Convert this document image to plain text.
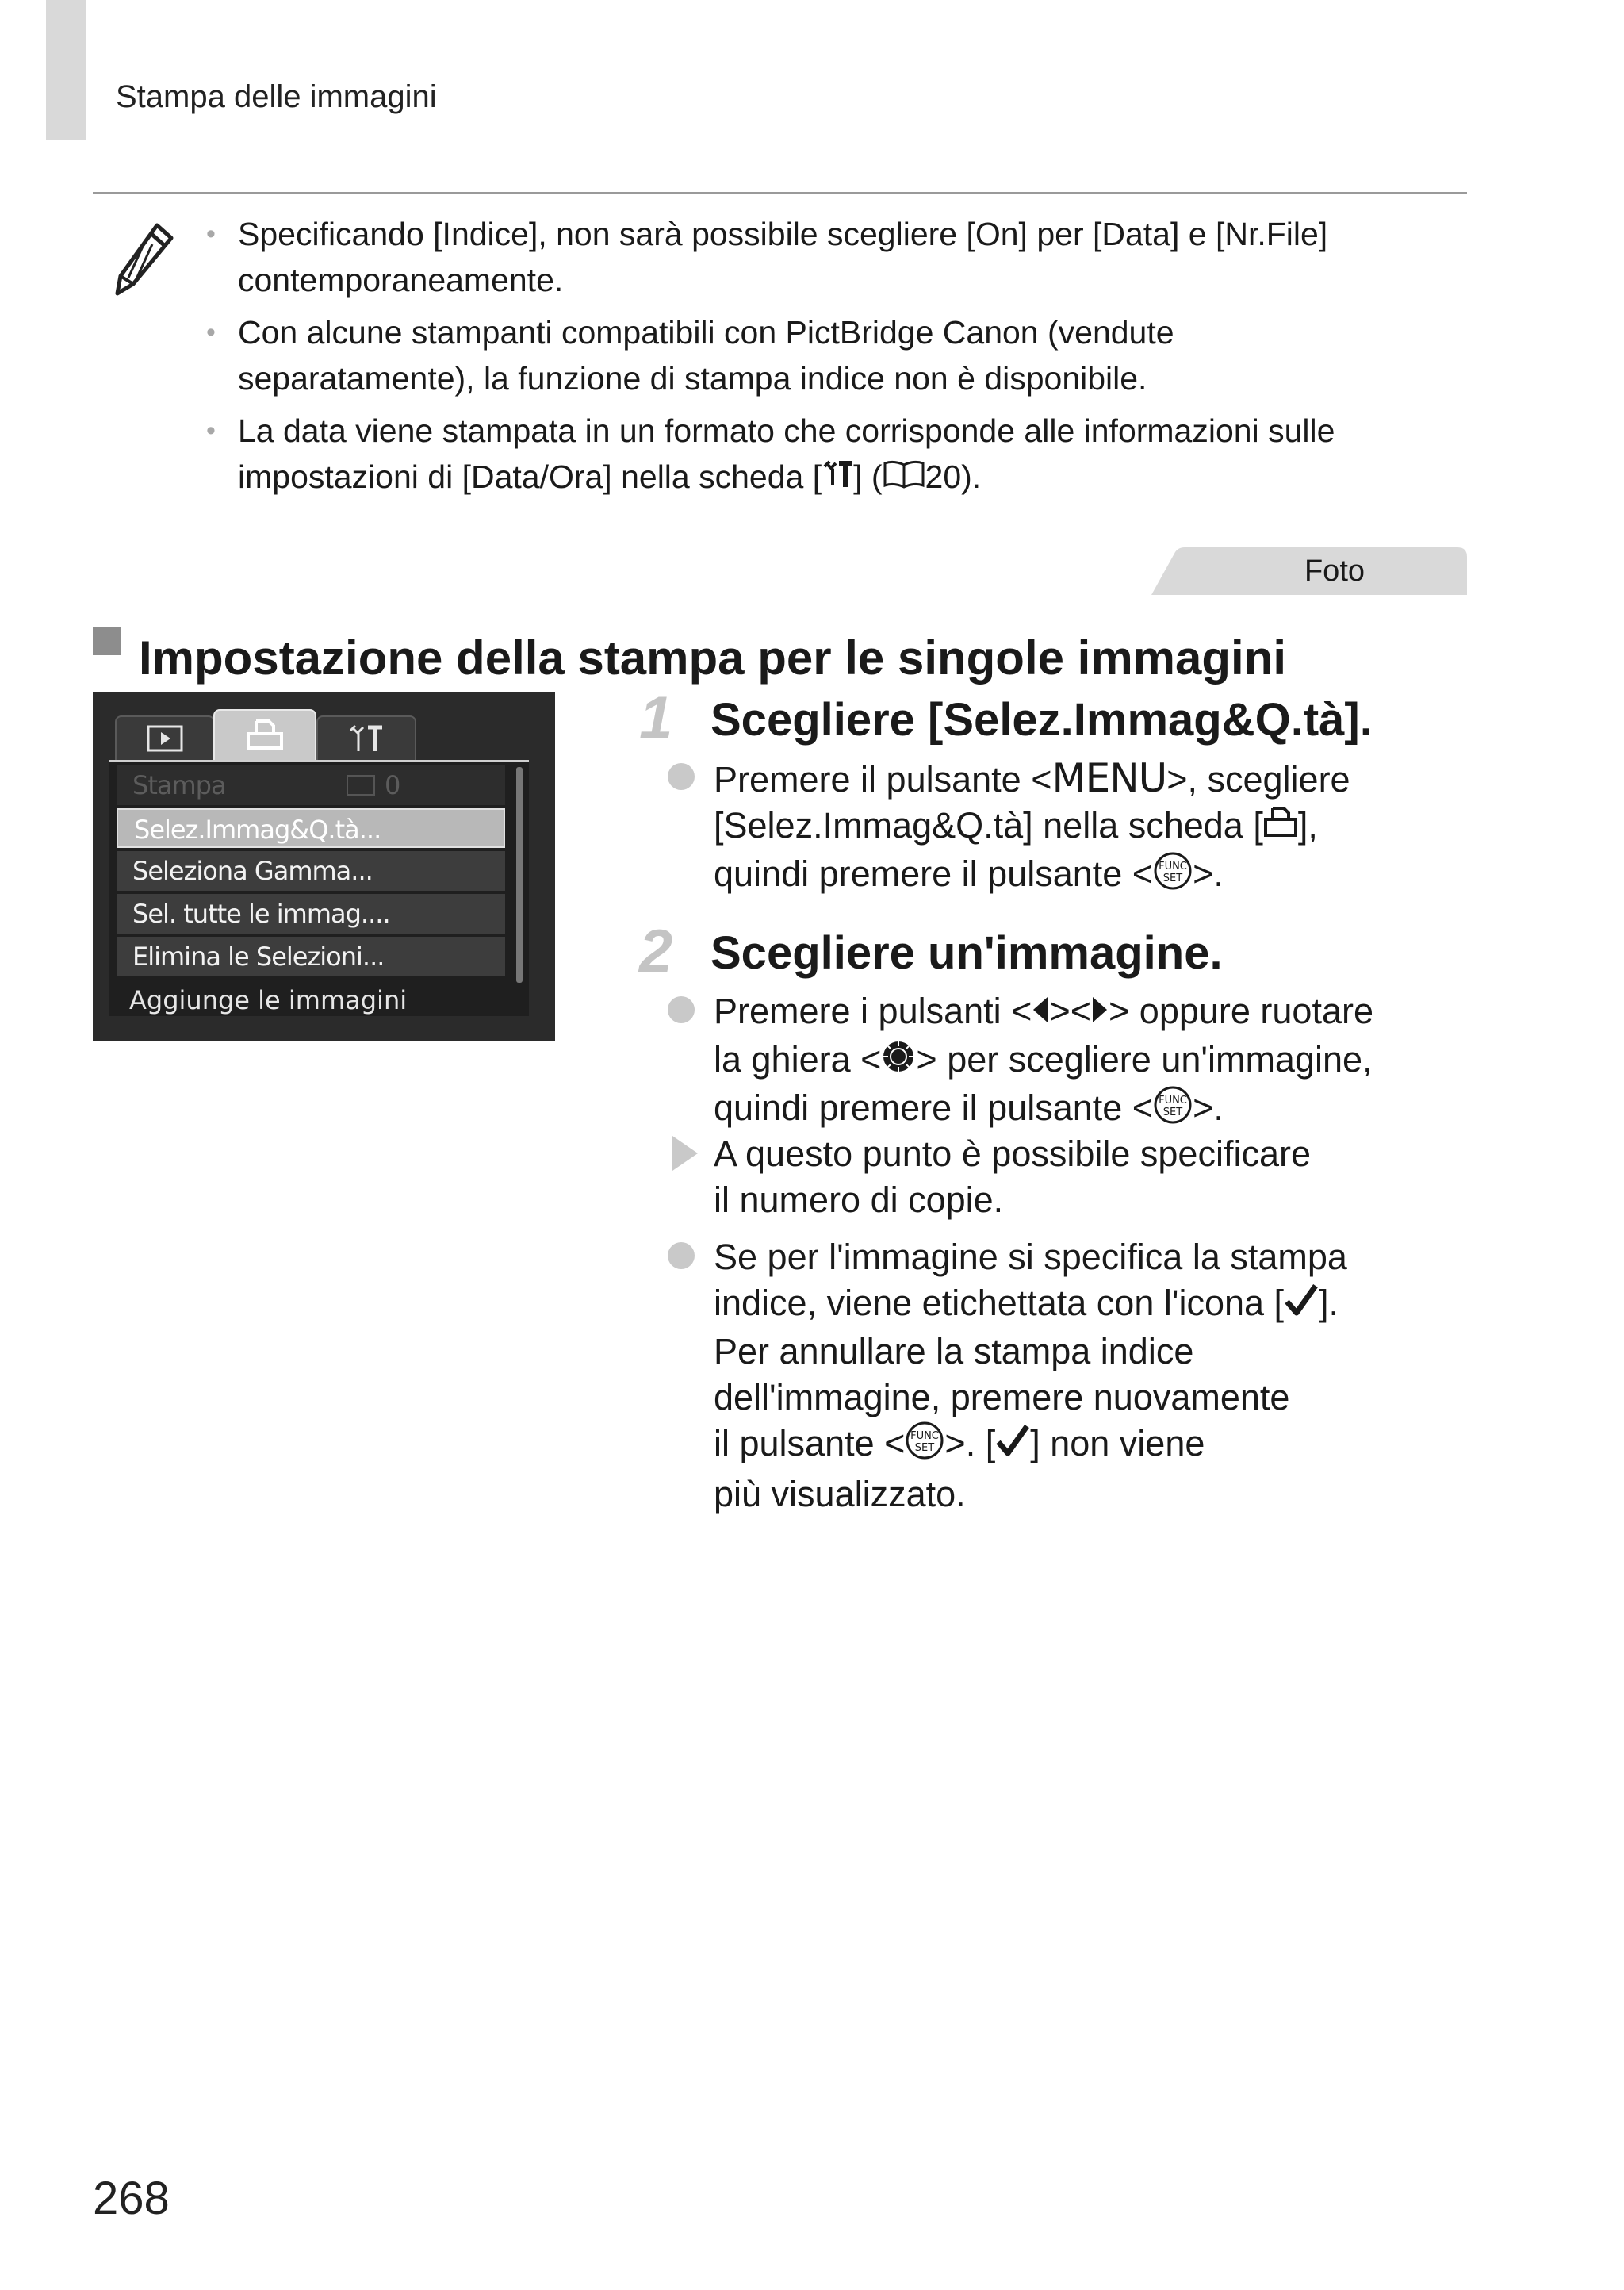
Stampa delle immagini
• Specificando [Indice], non sarà possibile scegliere [On] per [Data] e [Nr.File]
contemporaneamente.
• Con alcune stampanti compatibili con PictBridge Canon (vendute
separatamente), la funzione di stampa indice non è disponibile.
• La data viene stampata in un formato che corrisponde alle informazioni sulle
impostazioni di [Data/Ora] nella scheda [ ] ( 20).
Foto
Impostazione della stampa per le singole immagini
Stampa	0
Selez.Immag&Q.tà...
Seleziona Gamma...
Sel. tutte le immag....
Elimina le Selezioni...
Aggiunge le immagini
1 Scegliere [Selez.Immag&Q.tà].
Premere il pulsante <MENU>, scegliere
[Selez.Immag&Q.tà] nella scheda [ ],
quindi premere il pulsante < FUNC
SET >.
2 Scegliere un'immagine.
Premere i pulsanti < >< > oppure ruotare
la ghiera < > per scegliere un'immagine,
quindi premere il pulsante < FUNC
SET >.
A questo punto è possibile specificare
il numero di copie.
Se per l'immagine si specifica la stampa
indice, viene etichettata con l'icona [ ].
Per annullare la stampa indice
dell'immagine, premere nuovamente
il pulsante < FUNC
SET >. [ ] non viene
più visualizzato.
268
